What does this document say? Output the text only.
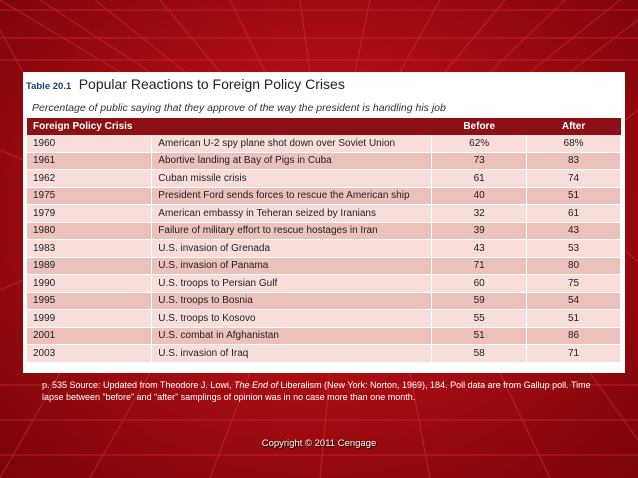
Table 20.1 Popular Reactions to Foreign Policy Crises
Percentage of public saying that they approve of the way the president is handling his job
Foreign Policy Crisis		Before	After
1960	American U-2 spy plane shot down over Soviet Union	62%	68%
1961	Abortive landing at Bay of Pigs in Cuba	73	83
1962	Cuban missile crisis	61	74
1975	President Ford sends forces to rescue the American ship	40	51
1979	American embassy in Teheran seized by Iranians	32	61
1980	Failure of military effort to rescue hostages in Iran	39	43
1983	U.S. invasion of Grenada	43	53
1989	U.S. invasion of Panama	71	80
1990	U.S. troops to Persian Gulf	60	75
1995	U.S. troops to Bosnia	59	54
1999	U.S. troops to Kosovo	55	51
2001	U.S. combat in Afghanistan	51	86
2003	U.S. invasion of Iraq	58	71
p. 535 Source: Updated from Theodore J. Lowi, The End of Liberalism (New York: Norton, 1969), 184. Poll data are from Gallup poll. Time lapse between “before” and “after” samplings of opinion was in no case more than one month.
Copyright © 2011 Cengage
